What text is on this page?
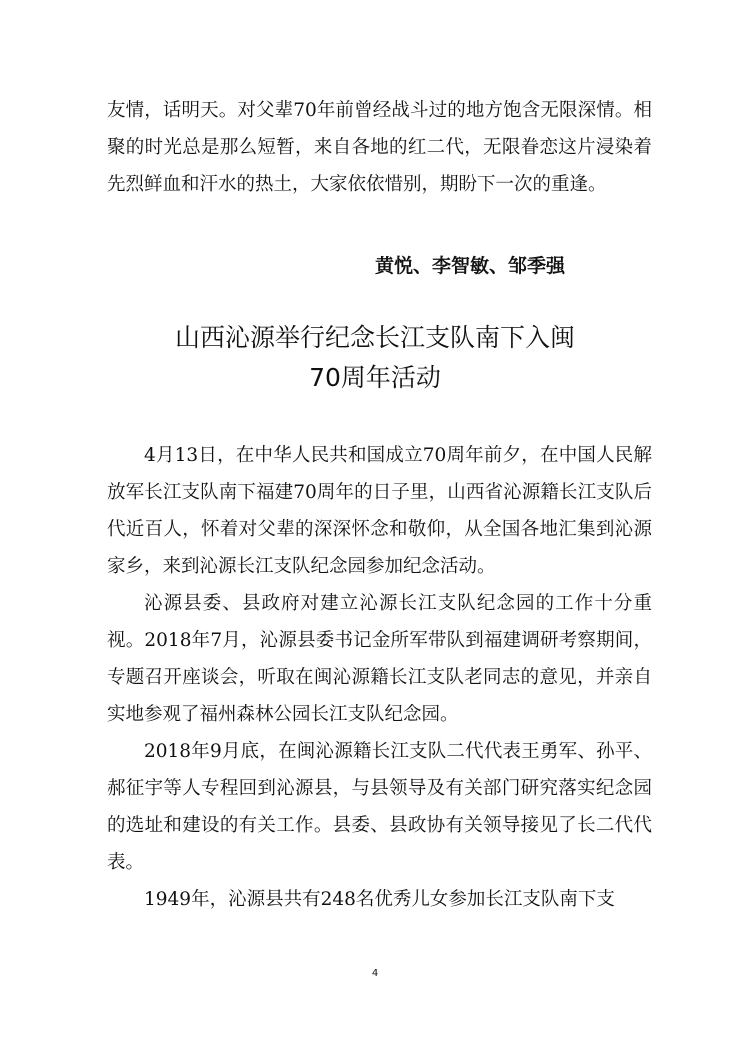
友情，话明天。对父辈70年前曾经战斗过的地方饱含无限深情。相聚的时光总是那么短暂，来自各地的红二代，无限眷恋这片浸染着先烈鲜血和汗水的热土，大家依依惜别，期盼下一次的重逢。

黄悦、李智敏、邹季强
山西沁源举行纪念长江支队南下入闽
70周年活动

4月13日，在中华人民共和国成立70周年前夕，在中国人民解放军长江支队南下福建70周年的日子里，山西省沁源籍长江支队后代近百人，怀着对父辈的深深怀念和敬仰，从全国各地汇集到沁源家乡，来到沁源长江支队纪念园参加纪念活动。

沁源县委、县政府对建立沁源长江支队纪念园的工作十分重视。2018年7月，沁源县委书记金所军带队到福建调研考察期间，专题召开座谈会，听取在闽沁源籍长江支队老同志的意见，并亲自实地参观了福州森林公园长江支队纪念园。

2018年9月底，在闽沁源籍长江支队二代代表王勇军、孙平、郝征宇等人专程回到沁源县，与县领导及有关部门研究落实纪念园的选址和建设的有关工作。县委、县政协有关领导接见了长二代代表。

1949年，沁源县共有248名优秀儿女参加长江支队南下支

4
